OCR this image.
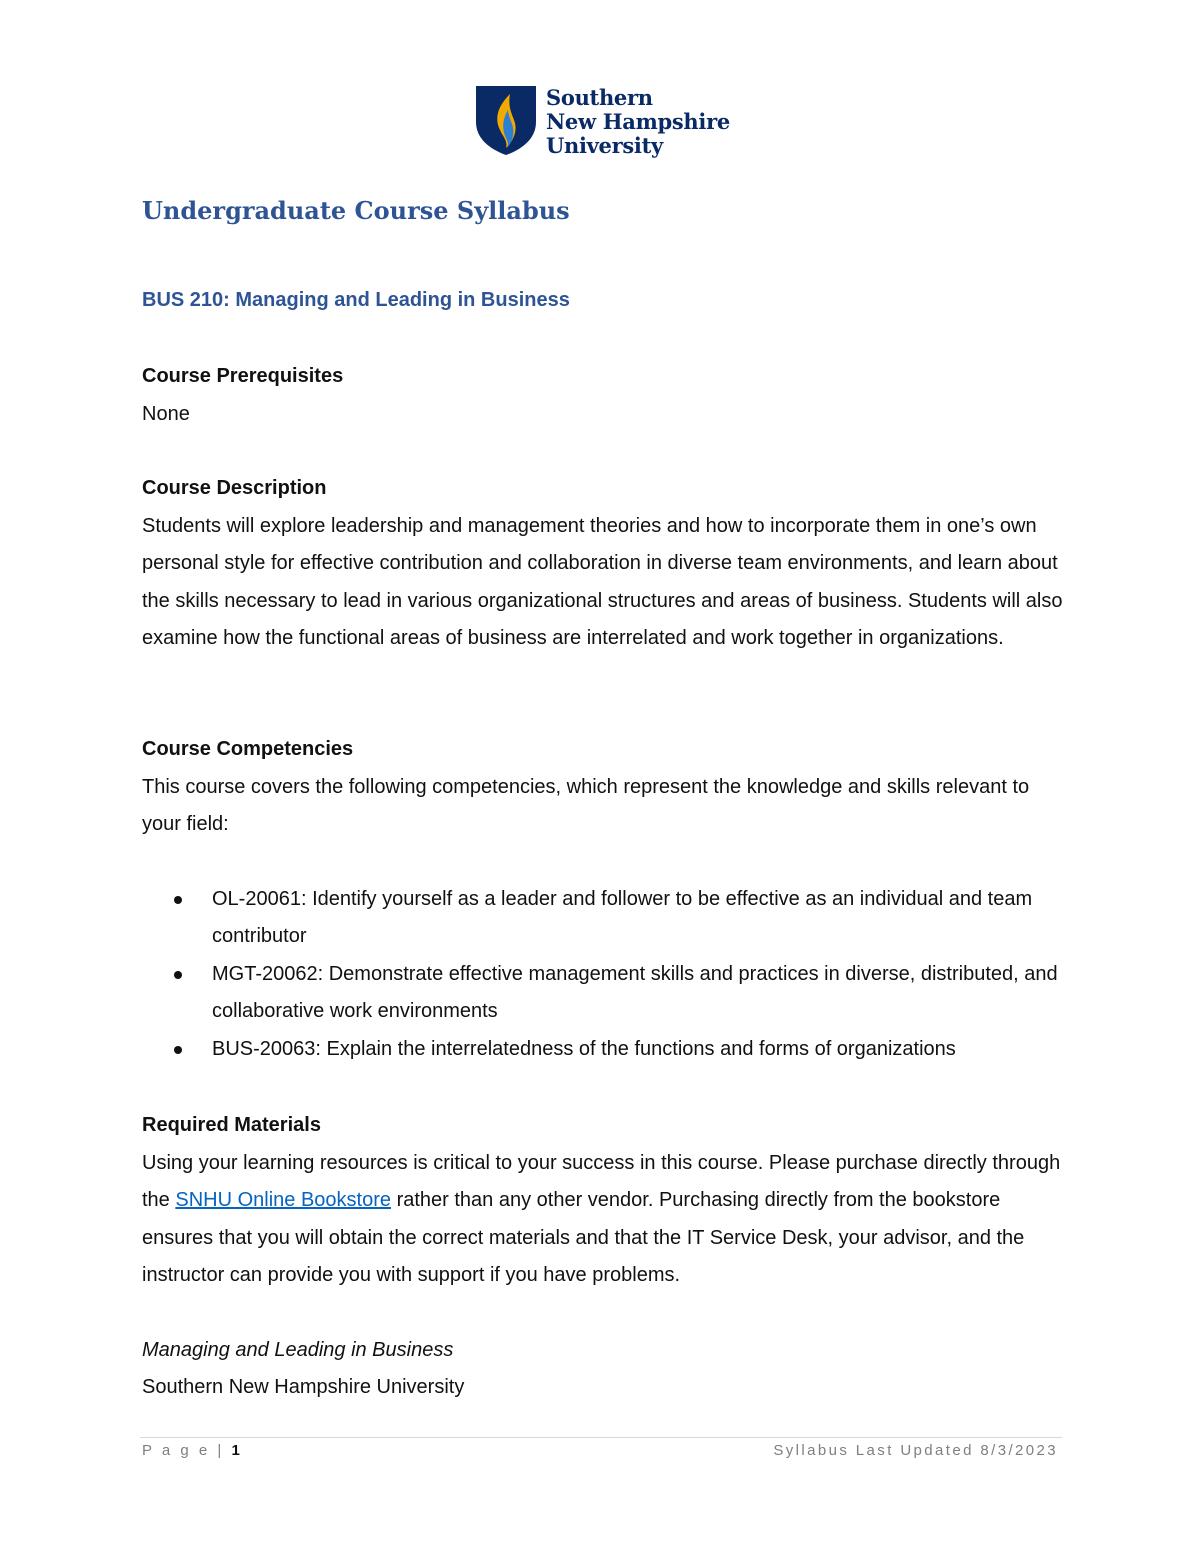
Southern
New Hampshire
University
Undergraduate Course Syllabus
BUS 210: Managing and Leading in Business
Course Prerequisites
None
Course Description

Students will explore leadership and management theories and how to incorporate them in one’s own personal style for effective contribution and collaboration in diverse team environments, and learn about the skills necessary to lead in various organizational structures and areas of business. Students will also examine how the functional areas of business are interrelated and work together in organizations.

Course Competencies

This course covers the following competencies, which represent the knowledge and skills relevant to your field:

OL-20061: Identify yourself as a leader and follower to be effective as an individual and team contributor
MGT-20062: Demonstrate effective management skills and practices in diverse, distributed, and collaborative work environments
BUS-20063: Explain the interrelatedness of the functions and forms of organizations
Required Materials

Using your learning resources is critical to your success in this course. Please purchase directly through the SNHU Online Bookstore rather than any other vendor. Purchasing directly from the bookstore ensures that you will obtain the correct materials and that the IT Service Desk, your advisor, and the instructor can provide you with support if you have problems.

Managing and Leading in Business
Southern New Hampshire University
P a g e | 1	Syllabus Last Updated 8/3/2023
